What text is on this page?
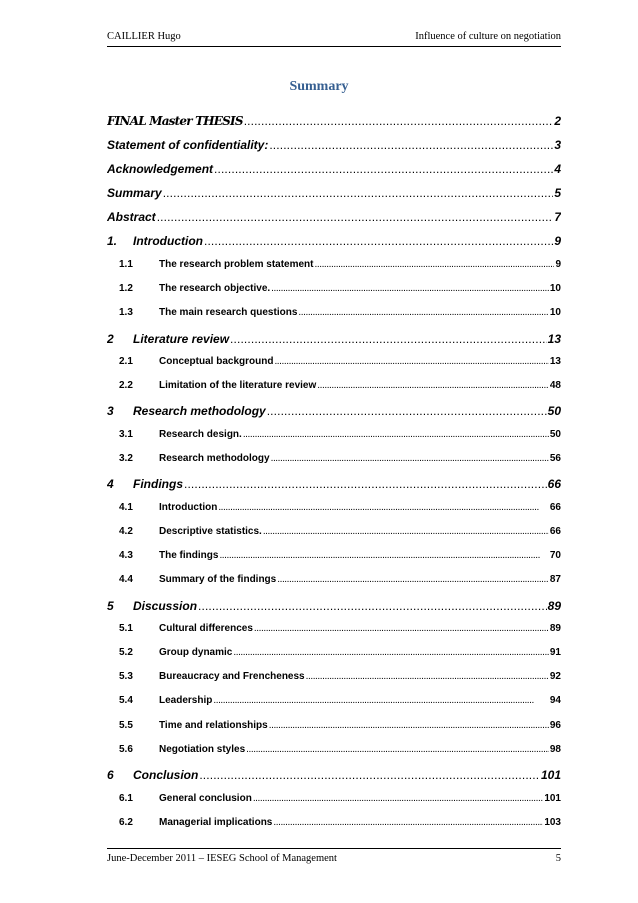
CAILLIER Hugo	Influence of culture on negotiation
Summary
FINAL Master THESIS . . .	2
Statement of confidentiality: . . .	3
Acknowledgement . . .	4
Summary . . .	5
Abstract . . .	7
1.	Introduction . . .	9
1.1	The research problem statement . . .	9
1.2	The research objective. . . .	10
1.3	The main research questions . . .	10
2	Literature review . . .	13
2.1	Conceptual background . . .	13
2.2	Limitation of the literature review . . .	48
3	Research methodology . . .	50
3.1	Research design. . . .	50
3.2	Research methodology . . .	56
4	Findings . . .	66
4.1	Introduction . . .	66
4.2	Descriptive statistics. . . .	66
4.3	The findings . . .	70
4.4	Summary of the findings . . .	87
5	Discussion . . .	89
5.1	Cultural differences . . .	89
5.2	Group dynamic . . .	91
5.3	Bureaucracy and Frencheness . . .	92
5.4	Leadership . . .	94
5.5	Time and relationships . . .	96
5.6	Negotiation styles . . .	98
6	Conclusion . . .	101
6.1	General conclusion . . .	101
6.2	Managerial implications . . .	103
June-December 2011 – IESEG School of Management	5
